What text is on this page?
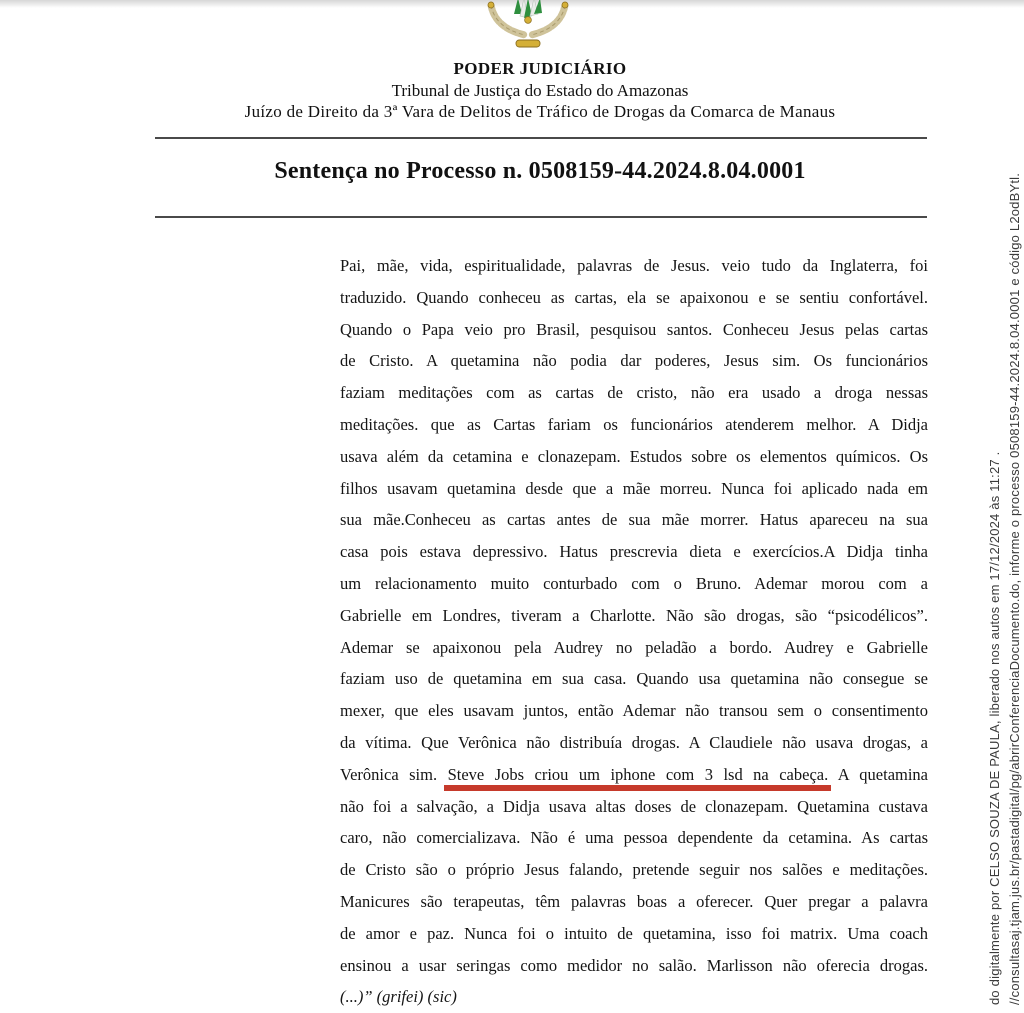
PODER JUDICIÁRIO
Tribunal de Justiça do Estado do Amazonas
Juízo de Direito da 3ª Vara de Delitos de Tráfico de Drogas da Comarca de Manaus
Sentença no Processo n. 0508159-44.2024.8.04.0001
Pai, mãe, vida, espiritualidade, palavras de Jesus. veio tudo da Inglaterra, foi
traduzido. Quando conheceu as cartas, ela se apaixonou e se sentiu confortável.
Quando o Papa veio pro Brasil, pesquisou santos. Conheceu Jesus pelas cartas
de Cristo. A quetamina não podia dar poderes, Jesus sim. Os funcionários
faziam meditações com as cartas de cristo, não era usado a droga nessas
meditações. que as Cartas fariam os funcionários atenderem melhor. A Didja
usava além da cetamina e clonazepam. Estudos sobre os elementos químicos. Os
filhos usavam quetamina desde que a mãe morreu. Nunca foi aplicado nada em
sua mãe.Conheceu as cartas antes de sua mãe morrer. Hatus apareceu na sua
casa pois estava depressivo. Hatus prescrevia dieta e exercícios.A Didja tinha
um relacionamento muito conturbado com o Bruno. Ademar morou com a
Gabrielle em Londres, tiveram a Charlotte. Não são drogas, são “psicodélicos”.
Ademar se apaixonou pela Audrey no peladão a bordo. Audrey e Gabrielle
faziam uso de quetamina em sua casa. Quando usa quetamina não consegue se
mexer, que eles usavam juntos, então Ademar não transou sem o consentimento
da vítima. Que Verônica não distribuía drogas. A Claudiele não usava drogas, a
Verônica sim. Steve Jobs criou um iphone com 3 lsd na cabeça. A quetamina
não foi a salvação, a Didja usava altas doses de clonazepam. Quetamina custava
caro, não comercializava. Não é uma pessoa dependente da cetamina. As cartas
de Cristo são o próprio Jesus falando, pretende seguir nos salões e meditações.
Manicures são terapeutas, têm palavras boas a oferecer. Quer pregar a palavra
de amor e paz. Nunca foi o intuito de quetamina, isso foi matrix. Uma coach
ensinou a usar seringas como medidor no salão. Marlisson não oferecia drogas.
(...)” (grifei) (sic)	do digitalmente por CELSO SOUZA DE PAULA, liberado nos autos em 17/12/2024 às 11:27 . //consultasaj.tjam.jus.br/pastadigital/pg/abrirConferenciaDocumento.do, informe o processo 0508159-44.2024.8.04.0001 e código L2odBYtl.
